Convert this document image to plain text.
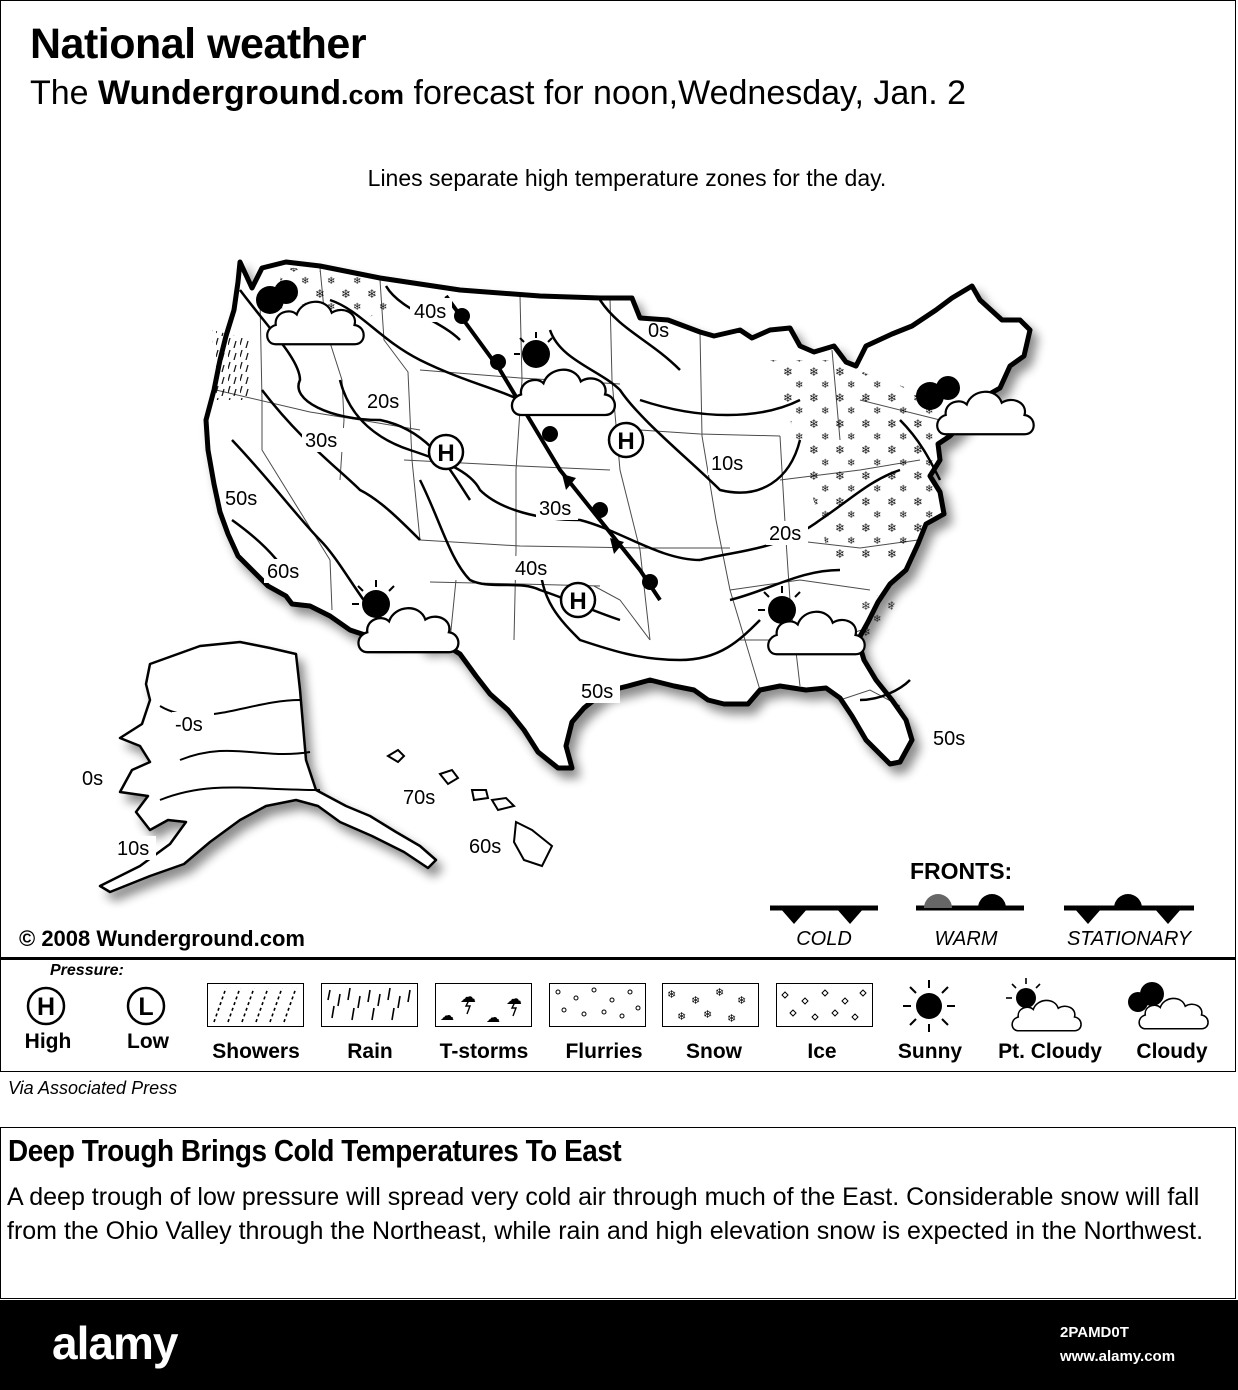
National weather
The Wunderground.com forecast for noon,Wednesday, Jan. 2
Lines separate high temperature zones for the day.
H	H
H
40s
0s
20s
30s
10s
50s	30s
20s
40s
60s
50s
50s
-0s
0s
70s
10s	60s
FRONTS:
COLD	WARM	STATIONARY
© 2008 Wunderground.com
Pressure:
H	L
High	Low
☁ ☁
☁ ☁
❄ ❄
❄
❄
❄ ❄ ❄
Showers	Rain	T-storms	Flurries	Snow	Ice	Sunny	Pt. Cloudy	Cloudy
Via Associated Press
Deep Trough Brings Cold Temperatures To East
A deep trough of low pressure will spread very cold air through much of the East. Considerable snow will fall from the Ohio Valley through the Northeast, while rain and high elevation snow is expected in the Northwest.
alamy	2PAMD0T
www.alamy.com
